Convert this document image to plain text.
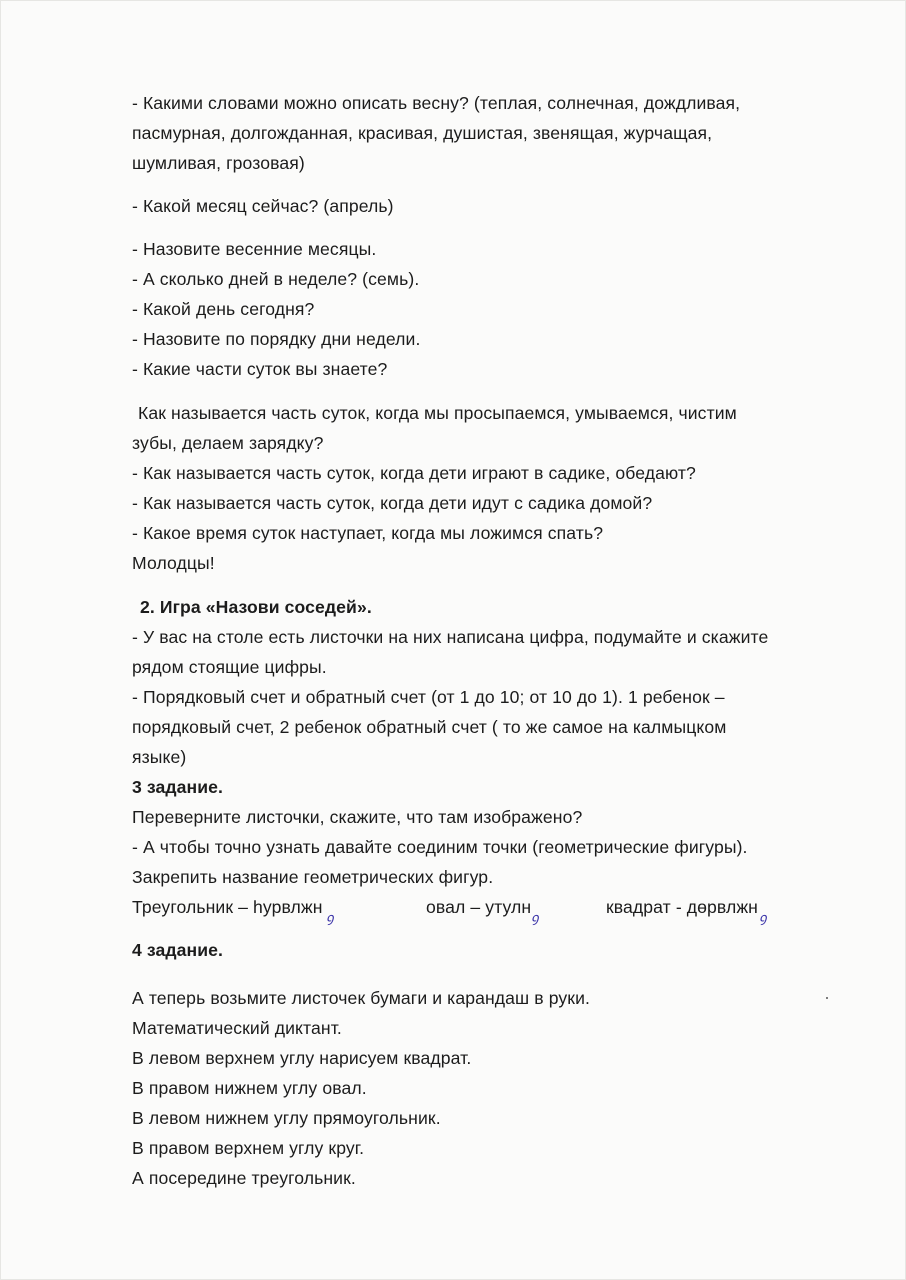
- Какими словами можно описать весну? (теплая, солнечная, дождливая,
пасмурная, долгожданная, красивая, душистая, звенящая, журчащая,
шумливая, грозовая)
- Какой месяц сейчас? (апрель)
- Назовите весенние месяцы.
- А сколько дней в неделе? (семь).
- Какой день сегодня?
- Назовите по порядку дни недели.
- Какие части суток вы знаете?
Как называется часть суток, когда мы просыпаемся, умываемся, чистим
зубы, делаем зарядку?
- Как называется часть суток, когда дети играют в садике, обедают?
- Как называется часть суток, когда дети идут с садика домой?
- Какое время суток наступает, когда мы ложимся спать?
Молодцы!
2. Игра «Назови соседей».
- У вас на столе есть листочки на них написана цифра, подумайте и скажите
рядом стоящие цифры.
- Порядковый счет и обратный счет (от 1 до 10; от 10 до 1). 1 ребенок –
порядковый счет, 2 ребенок обратный счет ( то же самое на калмыцком
языке)
3 задание.
Переверните листочки, скажите, что там изображено?
- А чтобы точно узнать давайте соединим точки (геометрические фигуры).
Закрепить название геометрических фигур.
Треугольник – һурвлжн
ꝯ
овал – утулн
ꝯ
квадрат - дөрвлжн
ꝯ
4 задание.
А теперь возьмите листочек бумаги и карандаш в руки.
Математический диктант.
В левом верхнем углу нарисуем квадрат.
В правом нижнем углу овал.
В левом нижнем углу прямоугольник.
В правом верхнем углу круг.
А посередине треугольник.
